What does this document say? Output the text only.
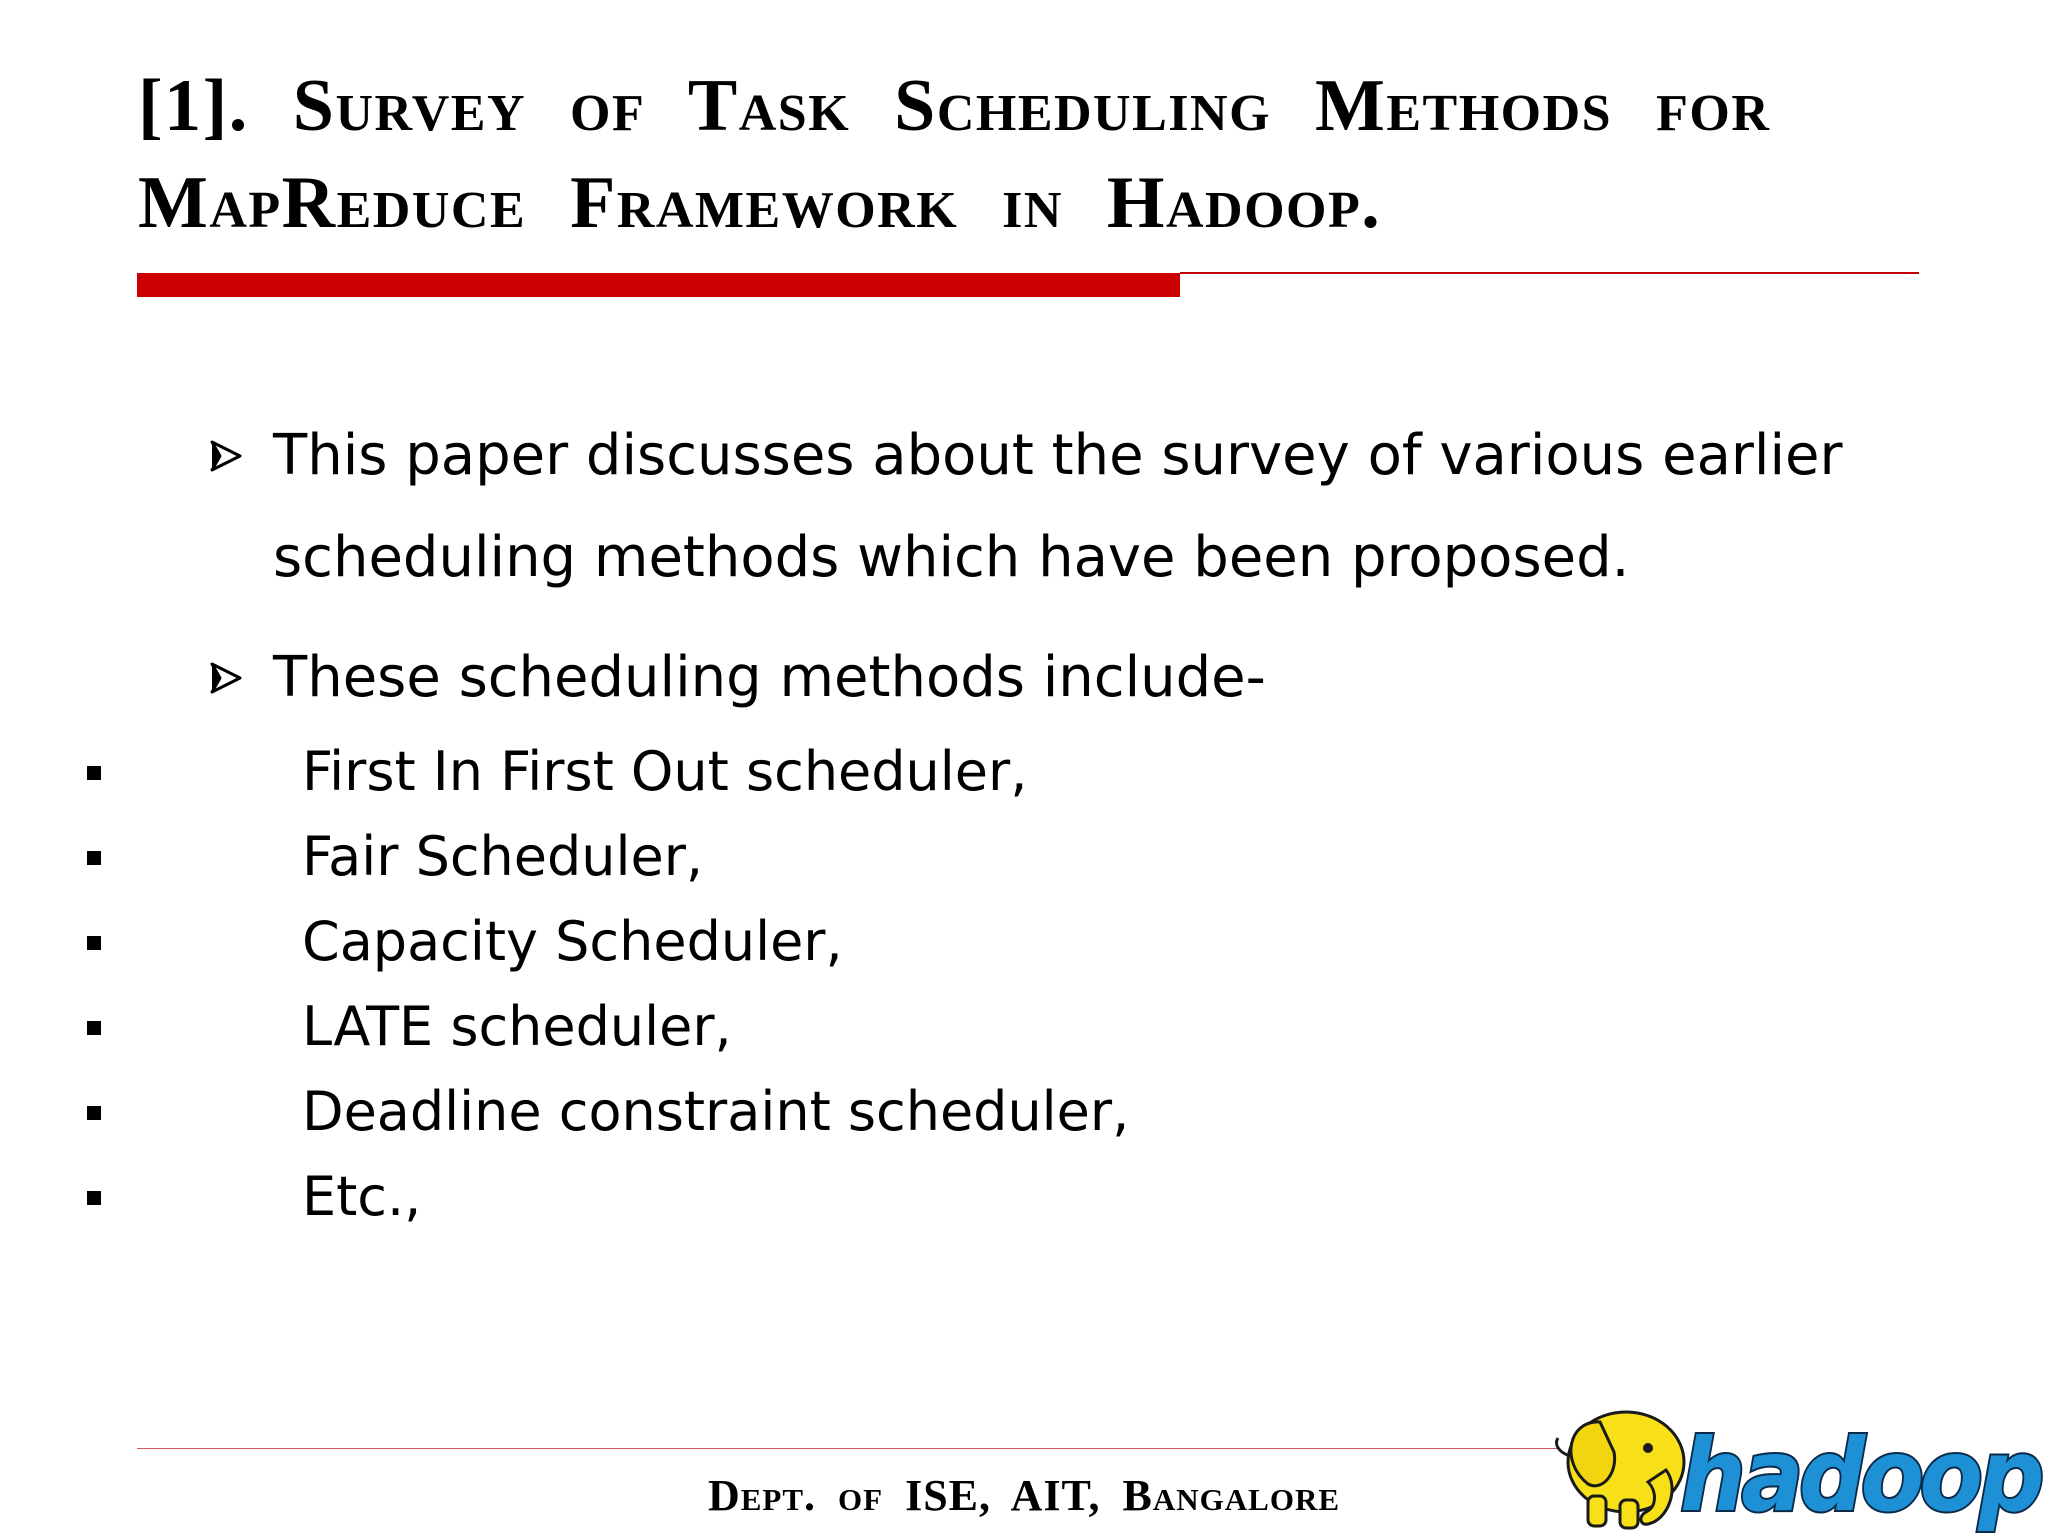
[1]. Survey of Task Scheduling Methods for
MapReduce Framework in Hadoop.
This paper discusses about the survey of various earlier scheduling methods which have been proposed.
These scheduling methods include-
First In First Out scheduler,
Fair Scheduler,
Capacity Scheduler,
LATE scheduler,
Deadline constraint scheduler,
Etc.,
Dept. of ISE, AIT, Bangalore	hadoop
